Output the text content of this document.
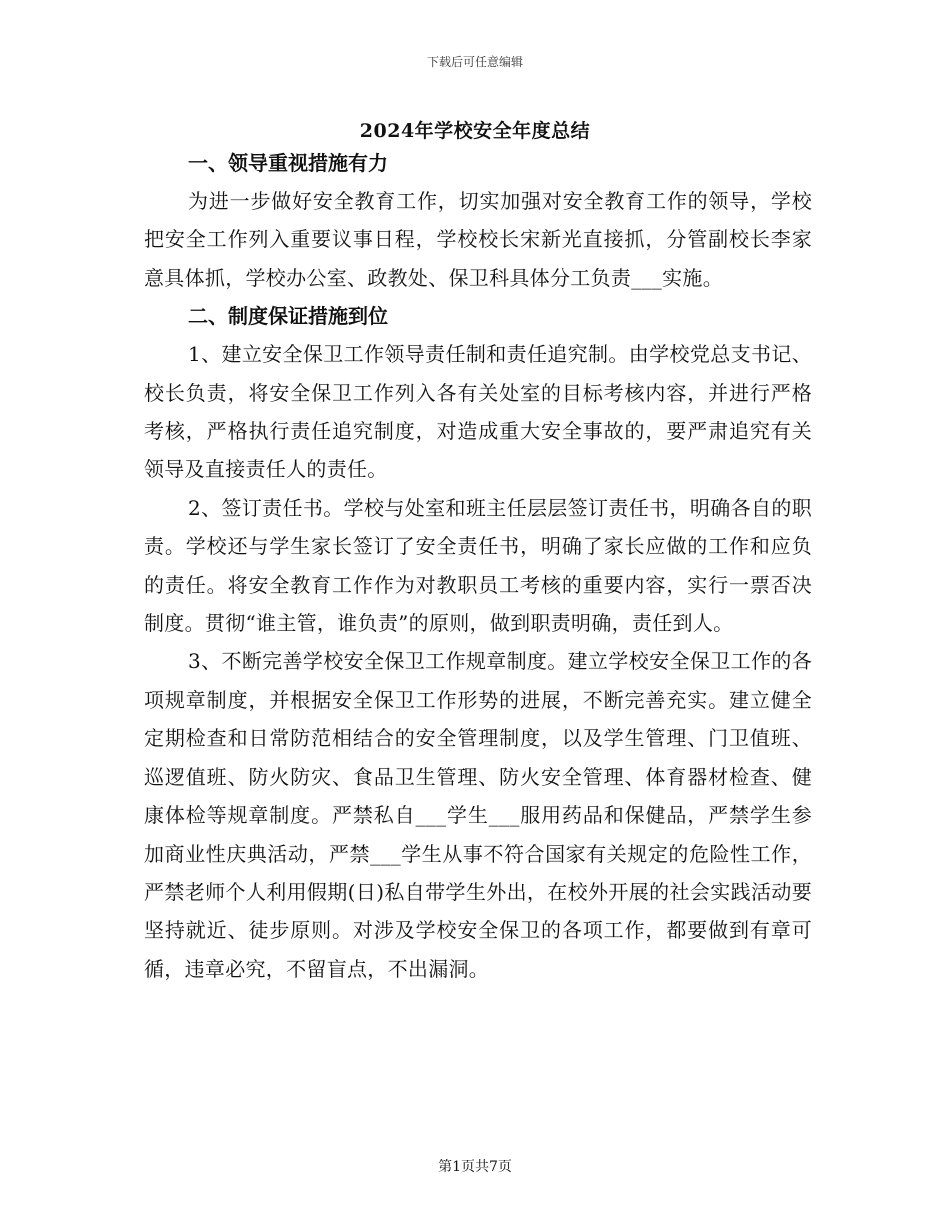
下载后可任意编辑
2024年学校安全年度总结

一、领导重视措施有力

为进一步做好安全教育工作，切实加强对安全教育工作的领导，学校把安全工作列入重要议事日程，学校校长宋新光直接抓，分管副校长李家意具体抓，学校办公室、政教处、保卫科具体分工负责___实施。

二、制度保证措施到位

1、建立安全保卫工作领导责任制和责任追究制。由学校党总支书记、校长负责，将安全保卫工作列入各有关处室的目标考核内容，并进行严格考核，严格执行责任追究制度，对造成重大安全事故的，要严肃追究有关领导及直接责任人的责任。

2、签订责任书。学校与处室和班主任层层签订责任书，明确各自的职责。学校还与学生家长签订了安全责任书，明确了家长应做的工作和应负的责任。将安全教育工作作为对教职员工考核的重要内容，实行一票否决制度。贯彻“谁主管，谁负责”的原则，做到职责明确，责任到人。

3、不断完善学校安全保卫工作规章制度。建立学校安全保卫工作的各项规章制度，并根据安全保卫工作形势的进展，不断完善充实。建立健全定期检查和日常防范相结合的安全管理制度，以及学生管理、门卫值班、巡逻值班、防火防灾、食品卫生管理、防火安全管理、体育器材检查、健康体检等规章制度。严禁私自___学生___服用药品和保健品，严禁学生参加商业性庆典活动，严禁___学生从事不符合国家有关规定的危险性工作，严禁老师个人利用假期(日)私自带学生外出，在校外开展的社会实践活动要坚持就近、徒步原则。对涉及学校安全保卫的各项工作，都要做到有章可循，违章必究，不留盲点，不出漏洞。

第1页共7页
